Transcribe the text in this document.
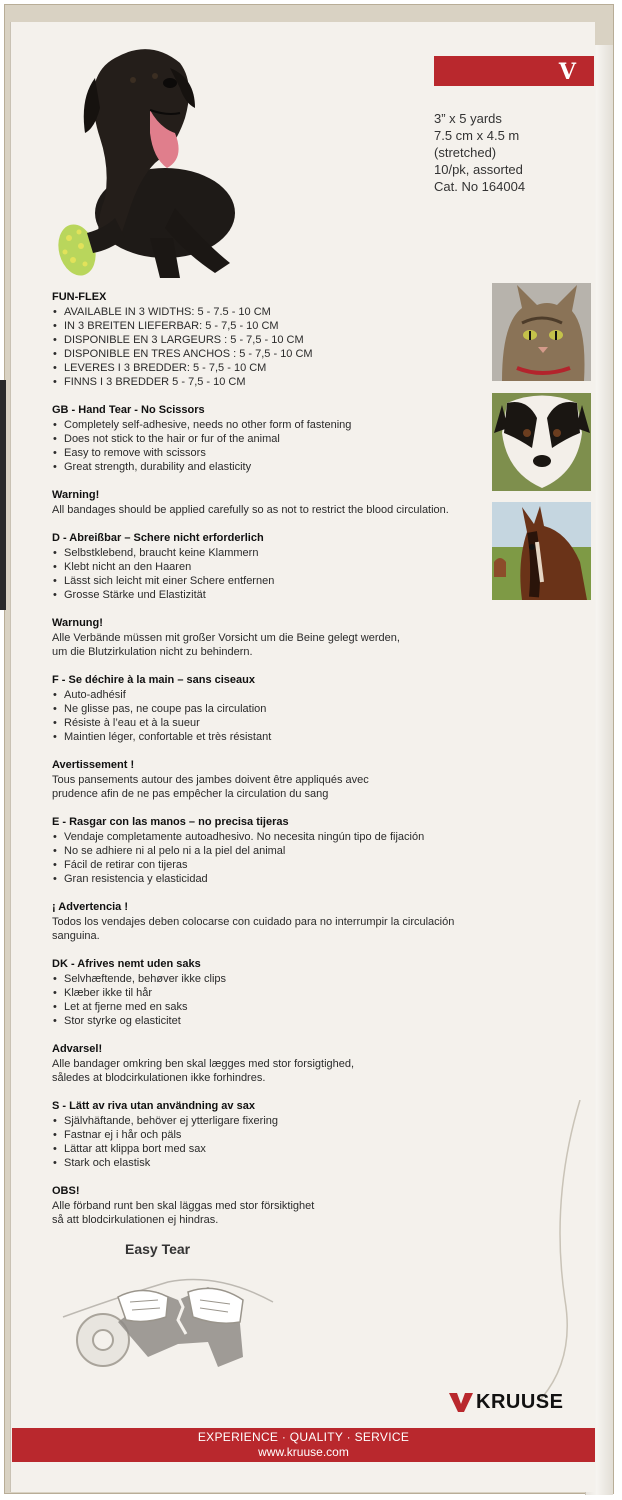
V
3” x 5 yards
7.5 cm x 4.5 m
(stretched)
10/pk, assorted
Cat. No 164004
FUN-FLEX
• AVAILABLE IN 3 WIDTHS: 5 - 7.5 - 10 CM
• IN 3 BREITEN LIEFERBAR: 5 - 7,5 - 10 CM
• DISPONIBLE EN 3 LARGEURS : 5 - 7,5 - 10 CM
• DISPONIBLE EN TRES ANCHOS : 5 - 7,5 - 10 CM
• LEVERES I 3 BREDDER: 5 - 7,5 - 10 CM
• FINNS I 3 BREDDER 5 - 7,5 - 10 CM
GB - Hand Tear - No Scissors
• Completely self-adhesive, needs no other form of fastening
• Does not stick to the hair or fur of the animal
• Easy to remove with scissors
• Great strength, durability and elasticity
Warning!

All bandages should be applied carefully so as not to restrict the blood circulation.

D - Abreißbar – Schere nicht erforderlich
• Selbstklebend, braucht keine Klammern
• Klebt nicht an den Haaren
• Lässt sich leicht mit einer Schere entfernen
• Grosse Stärke und Elastizität
Warnung!

Alle Verbände müssen mit großer Vorsicht um die Beine gelegt werden,
um die Blutzirkulation nicht zu behindern.

F - Se déchire à la main – sans ciseaux
• Auto-adhésif
• Ne glisse pas, ne coupe pas la circulation
• Résiste à l’eau et à la sueur
• Maintien léger, confortable et très résistant
Avertissement !

Tous pansements autour des jambes doivent être appliqués avec
prudence afin de ne pas empêcher la circulation du sang

E - Rasgar con las manos – no precisa tijeras
• Vendaje completamente autoadhesivo. No necesita ningún tipo de fijación
• No se adhiere ni al pelo ni a la piel del animal
• Fácil de retirar con tijeras
• Gran resistencia y elasticidad
¡ Advertencia !

Todos los vendajes deben colocarse con cuidado para no interrumpir la circulación sanguina.

DK - Afrives nemt uden saks
• Selvhæftende, behøver ikke clips
• Klæber ikke til hår
• Let at fjerne med en saks
• Stor styrke og elasticitet
Advarsel!

Alle bandager omkring ben skal lægges med stor forsigtighed,
således at blodcirkulationen ikke forhindres.

S - Lätt av riva utan användning av sax
• Självhäftande, behöver ej ytterligare fixering
• Fastnar ej i hår och päls
• Lättar att klippa bort med sax
• Stark och elastisk
OBS!

Alle förband runt ben skal läggas med stor försiktighet
så att blodcirkulationen ej hindras.

Easy Tear
KRUUSE
EXPERIENCE · QUALITY · SERVICE
www.kruuse.com
